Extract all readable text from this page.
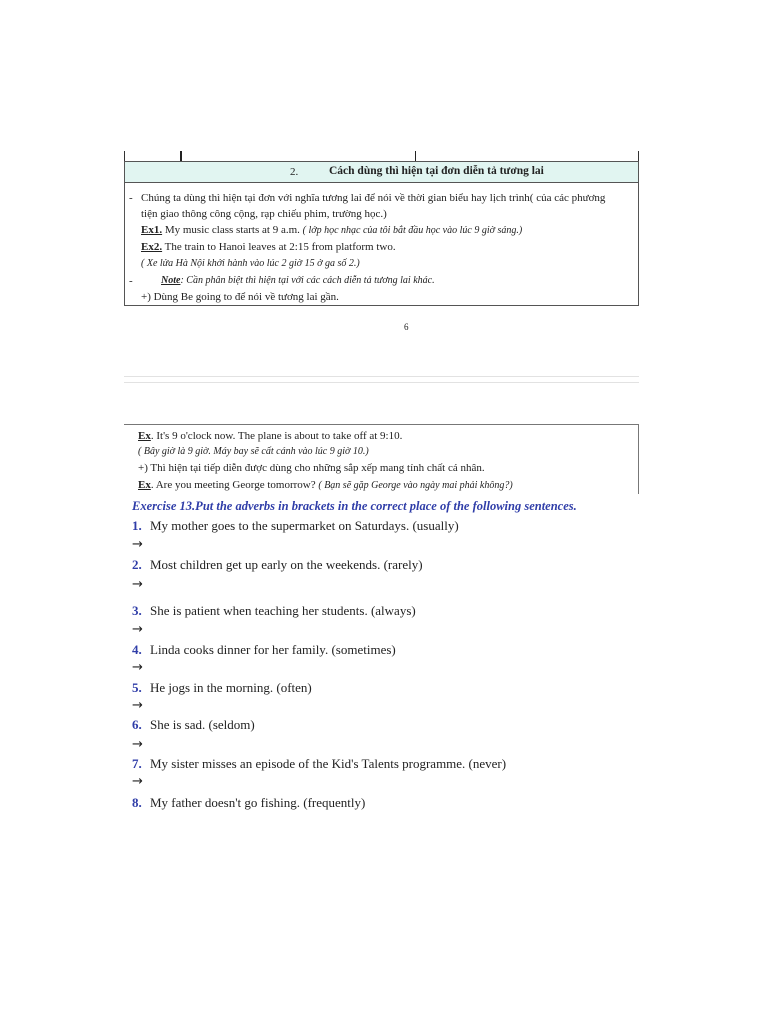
2.	Cách dùng thì hiện tại đơn diễn tả tương lai
- Chúng ta dùng thì hiện tại đơn với nghĩa tương lai để nói về thời gian biểu hay lịch trình( của các phương
tiện giao thông công cộng, rạp chiếu phim, trường học.)
Ex1. My music class starts at 9 a.m. ( lớp học nhạc của tôi bắt đầu học vào lúc 9 giờ sáng.)
Ex2. The train to Hanoi leaves at 2:15 from platform two.
( Xe lửa Hà Nội khởi hành vào lúc 2 giờ 15 ở ga số 2.)
-	Note: Cần phân biệt thì hiện tại với các cách diễn tả tương lai khác.
+) Dùng Be going to để nói về tương lai gần.
6
Ex. It's 9 o'clock now. The plane is about to take off at 9:10.
( Bây giờ là 9 giờ. Máy bay sẽ cất cánh vào lúc 9 giờ 10.)
+) Thì hiện tại tiếp diễn được dùng cho những sắp xếp mang tính chất cá nhân.
Ex. Are you meeting George tomorrow? ( Bạn sẽ gặp George vào ngày mai phải không?)
Exercise 13.Put the adverbs in brackets in the correct place of the following sentences.
1. My mother goes to the supermarket on Saturdays. (usually)
→
2. Most children get up early on the weekends. (rarely)
→
3. She is patient when teaching her students. (always)
→
4. Linda cooks dinner for her family. (sometimes)
→
5. He jogs in the morning. (often)
→
6. She is sad. (seldom)
→
7. My sister misses an episode of the Kid's Talents programme. (never)
→
8. My father doesn't go fishing. (frequently)
